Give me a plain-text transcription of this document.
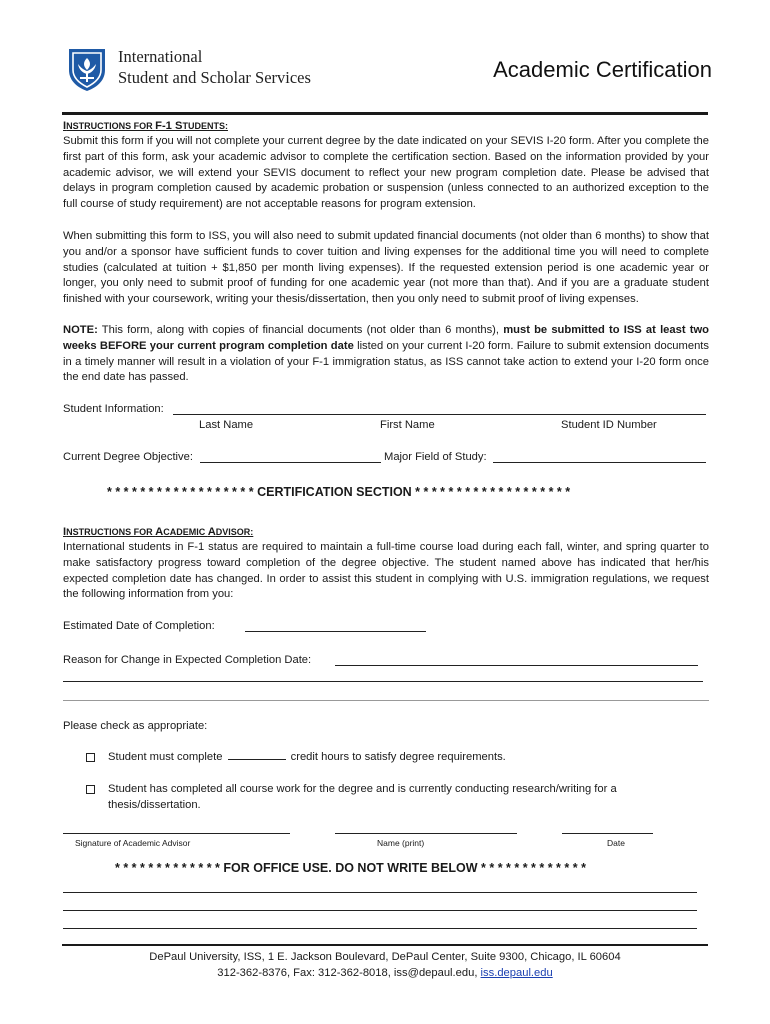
International
Student and Scholar Services	Academic Certification
INSTRUCTIONS FOR F-1 STUDENTS:
Submit this form if you will not complete your current degree by the date indicated on your SEVIS I-20 form. After you complete the first part of this form, ask your academic advisor to complete the certification section. Based on the information provided by your academic advisor, we will extend your SEVIS document to reflect your new program completion date. Please be advised that delays in program completion caused by academic probation or suspension (unless connected to an authorized exception to the full course of study requirement) are not acceptable reasons for program extension.
When submitting this form to ISS, you will also need to submit updated financial documents (not older than 6 months) to show that you and/or a sponsor have sufficient funds to cover tuition and living expenses for the additional time you will need to complete studies (calculated at tuition + $1,850 per month living expenses). If the requested extension period is one academic year or longer, you only need to submit proof of funding for one academic year (not more than that). And if you are a graduate student finished with your coursework, writing your thesis/dissertation, then you only need to submit proof of living expenses.
NOTE: This form, along with copies of financial documents (not older than 6 months), must be submitted to ISS at least two weeks BEFORE your current program completion date listed on your current I-20 form. Failure to submit extension documents in a timely manner will result in a violation of your F-1 immigration status, as ISS cannot take action to extend your I-20 form once the end date has passed.
Student Information:
Last Name	First Name	Student ID Number
Current Degree Objective:	Major Field of Study:
* * * * * * * * * * * * * * * * * * CERTIFICATION SECTION * * * * * * * * * * * * * * * * * * *
INSTRUCTIONS FOR ACADEMIC ADVISOR:
International students in F-1 status are required to maintain a full-time course load during each fall, winter, and spring quarter to make satisfactory progress toward completion of the degree objective. The student named above has indicated that her/his expected completion date has changed. In order to assist this student in complying with U.S. immigration regulations, we request the following information from you:
Estimated Date of Completion:
Reason for Change in Expected Completion Date:
Please check as appropriate:
Student must complete	credit hours to satisfy degree requirements.
Student has completed all course work for the degree and is currently conducting research/writing for a
thesis/dissertation.
Signature of Academic Advisor	Name (print)	Date
* * * * * * * * * * * * * FOR OFFICE USE. DO NOT WRITE BELOW * * * * * * * * * * * * *
DePaul University, ISS, 1 E. Jackson Boulevard, DePaul Center, Suite 9300, Chicago, IL 60604
312-362-8376, Fax: 312-362-8018, iss@depaul.edu, iss.depaul.edu
